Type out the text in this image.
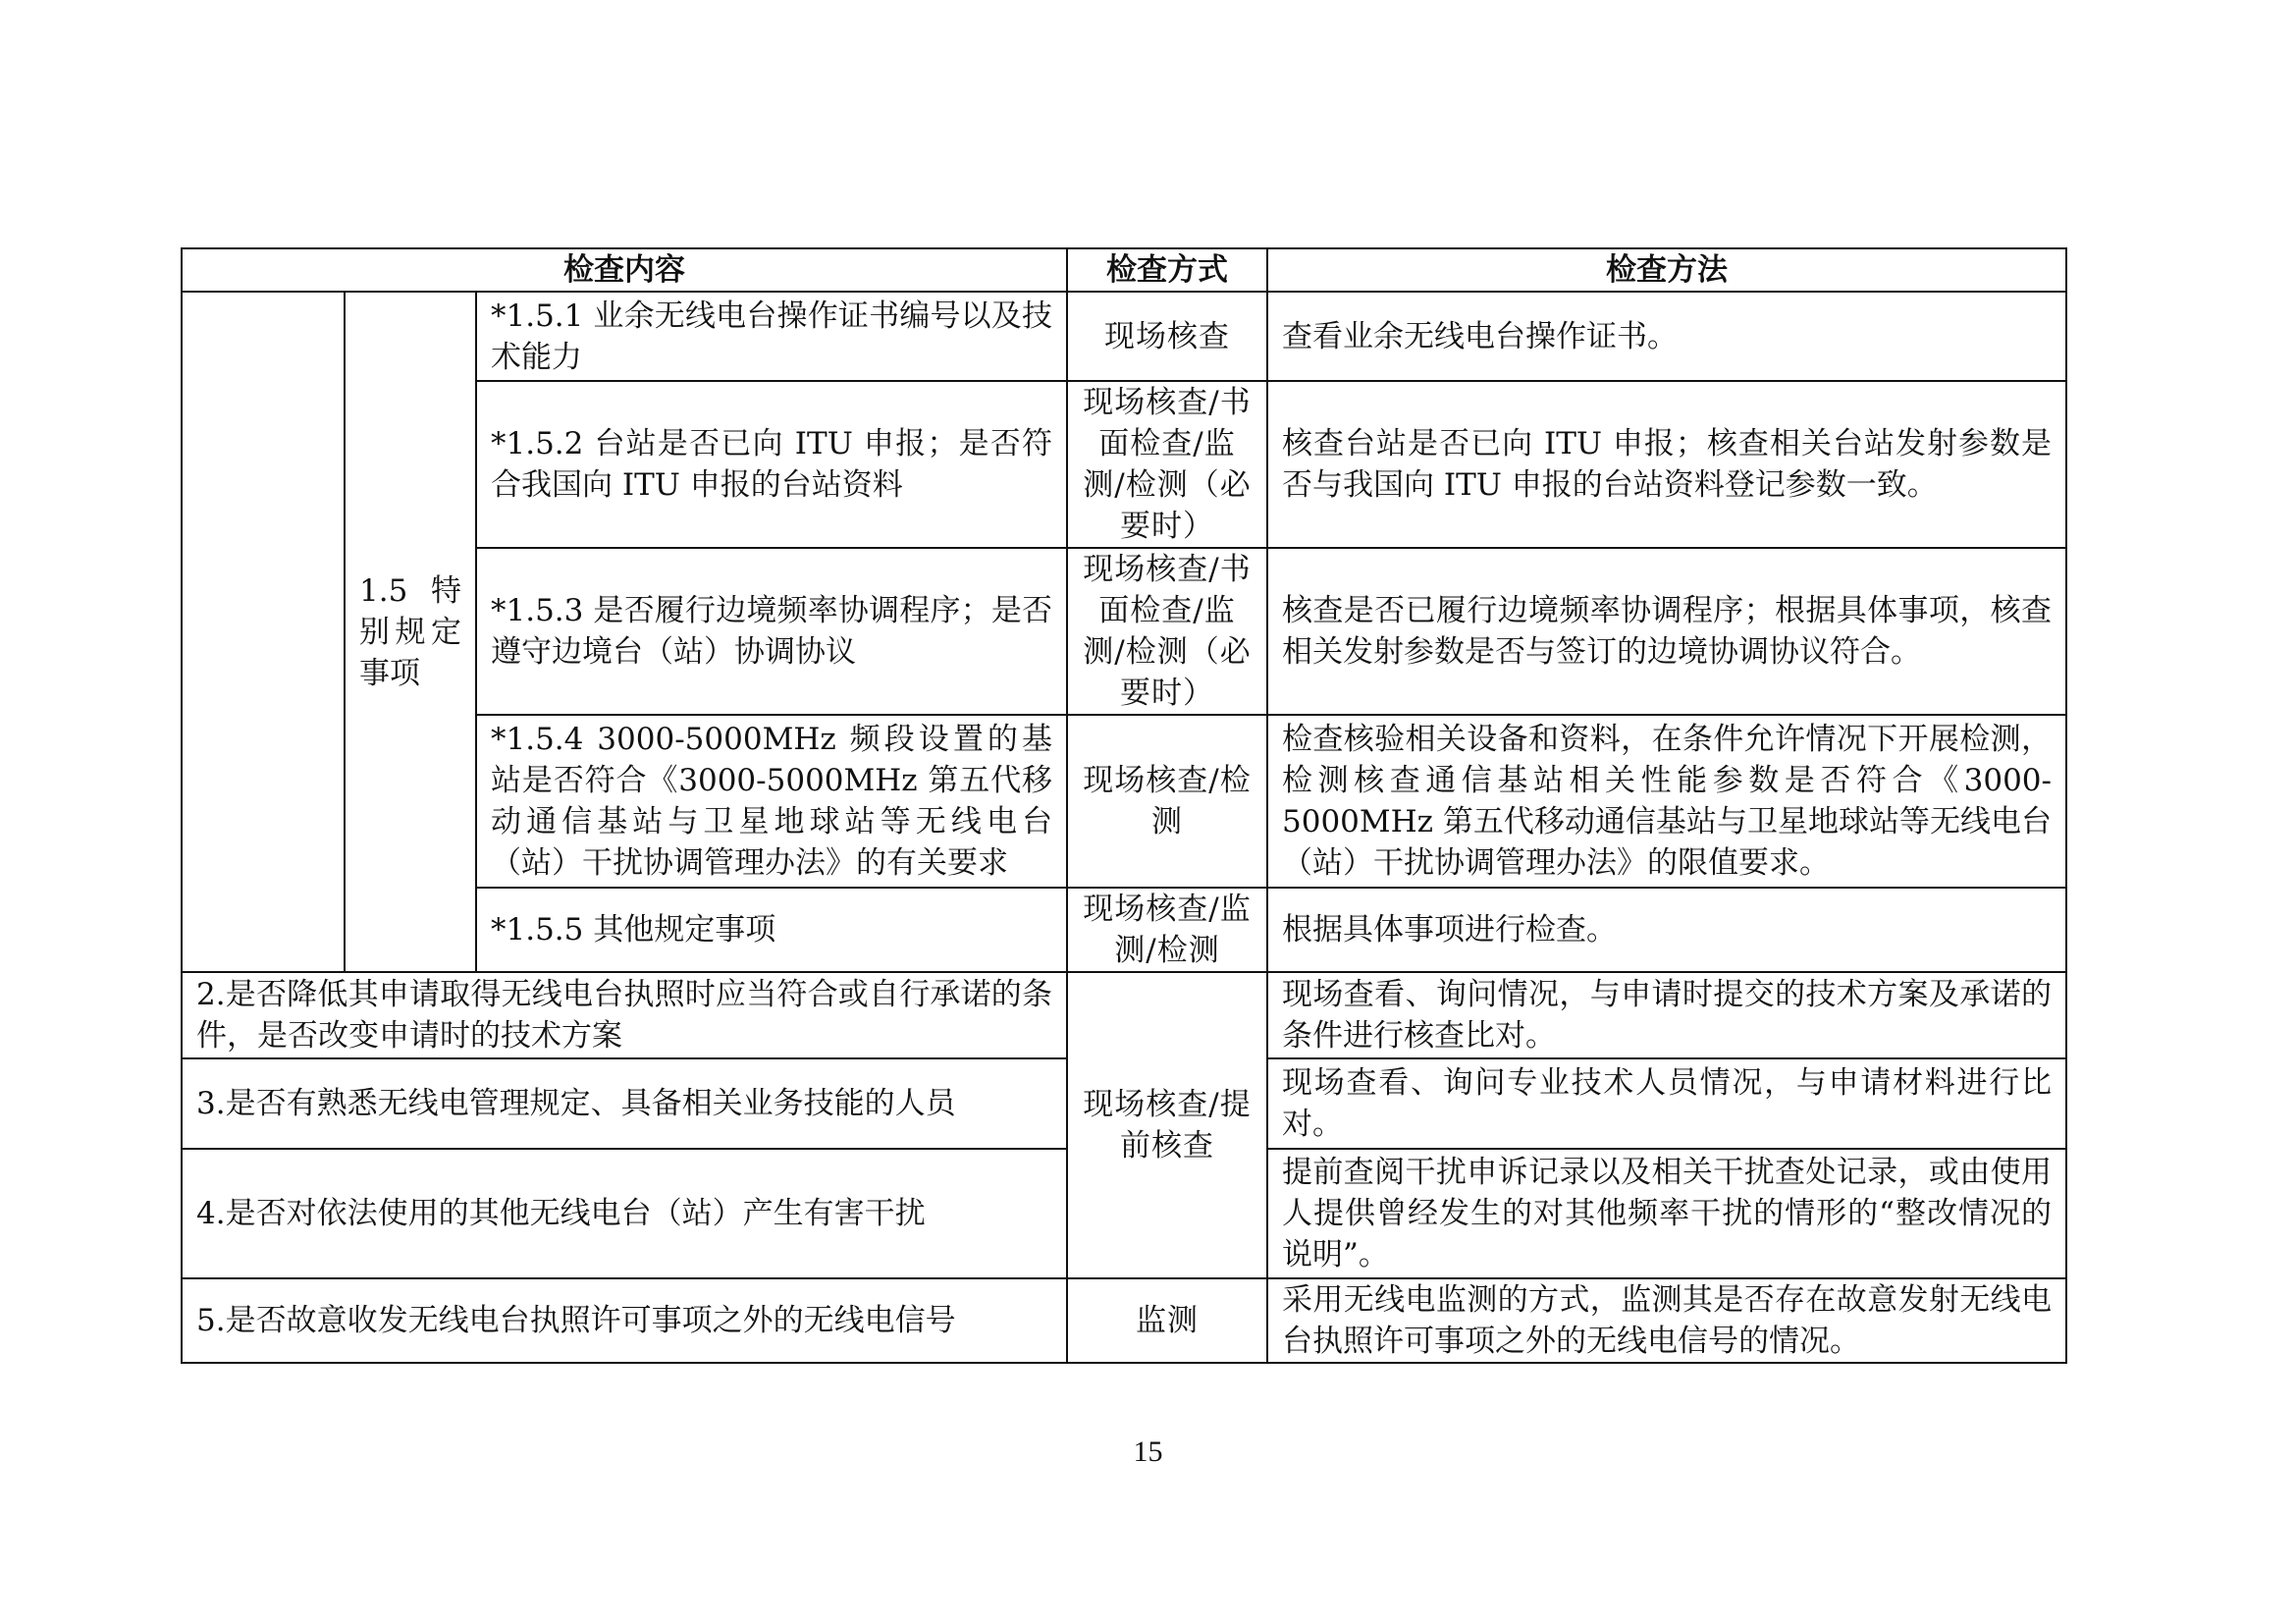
检查内容			检查方式	检查方法
	1.5 特别规定事项	*1.5.1 业余无线电台操作证书编号以及技术能力	现场核查	查看业余无线电台操作证书。
		*1.5.2 台站是否已向 ITU 申报；是否符合我国向 ITU 申报的台站资料	现场核查/书面检查/监测/检测（必要时）	核查台站是否已向 ITU 申报；核查相关台站发射参数是否与我国向 ITU 申报的台站资料登记参数一致。
		*1.5.3 是否履行边境频率协调程序；是否遵守边境台（站）协调协议	现场核查/书面检查/监测/检测（必要时）	核查是否已履行边境频率协调程序；根据具体事项，核查相关发射参数是否与签订的边境协调协议符合。
		*1.5.4 3000-5000MHz 频段设置的基站是否符合《3000-5000MHz 第五代移动通信基站与卫星地球站等无线电台（站）干扰协调管理办法》的有关要求	现场核查/检测	检查核验相关设备和资料，在条件允许情况下开展检测，检测核查通信基站相关性能参数是否符合《3000-5000MHz 第五代移动通信基站与卫星地球站等无线电台（站）干扰协调管理办法》的限值要求。
		*1.5.5 其他规定事项	现场核查/监测/检测	根据具体事项进行检查。
2.是否降低其申请取得无线电台执照时应当符合或自行承诺的条件，是否改变申请时的技术方案			现场核查/提前核查	现场查看、询问情况，与申请时提交的技术方案及承诺的条件进行核查比对。
3.是否有熟悉无线电管理规定、具备相关业务技能的人员				现场查看、询问专业技术人员情况，与申请材料进行比对。
4.是否对依法使用的其他无线电台（站）产生有害干扰				提前查阅干扰申诉记录以及相关干扰查处记录，或由使用人提供曾经发生的对其他频率干扰的情形的“整改情况的说明”。
5.是否故意收发无线电台执照许可事项之外的无线电信号			监测	采用无线电监测的方式，监测其是否存在故意发射无线电台执照许可事项之外的无线电信号的情况。
15
